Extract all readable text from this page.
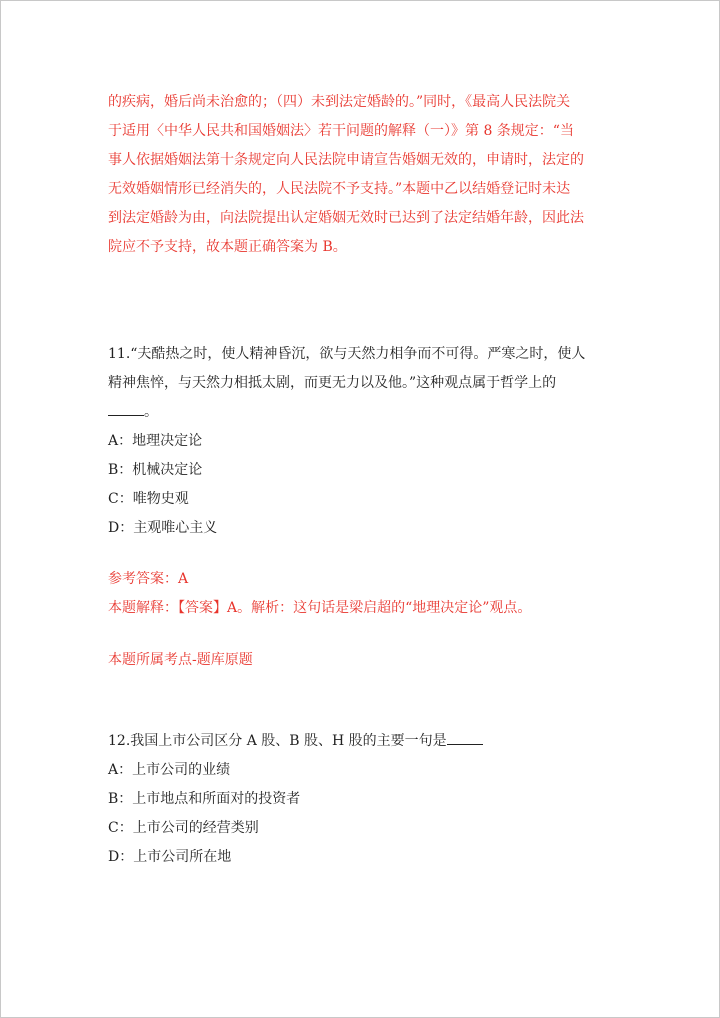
的疾病，婚后尚未治愈的；（四）未到法定婚龄的。”同时，《最高人民法院关

于适用〈中华人民共和国婚姻法〉若干问题的解释（一）》第 8 条规定：“当

事人依据婚姻法第十条规定向人民法院申请宣告婚姻无效的，申请时，法定的

无效婚姻情形已经消失的，人民法院不予支持。”本题中乙以结婚登记时未达

到法定婚龄为由，向法院提出认定婚姻无效时已达到了法定结婚年龄，因此法

院应不予支持，故本题正确答案为 B。

11.“夫酷热之时，使人精神昏沉，欲与天然力相争而不可得。严寒之时，使人

精神焦悴，与天然力相抵太剧，而更无力以及他。”这种观点属于哲学上的

。

A：地理决定论

B：机械决定论

C：唯物史观

D：主观唯心主义

参考答案：A

本题解释：【答案】A。解析：这句话是梁启超的“地理决定论”观点。

本题所属考点-题库原题

12.我国上市公司区分 A 股、B 股、H 股的主要一句是

A：上市公司的业绩

B：上市地点和所面对的投资者

C：上市公司的经营类别

D：上市公司所在地
